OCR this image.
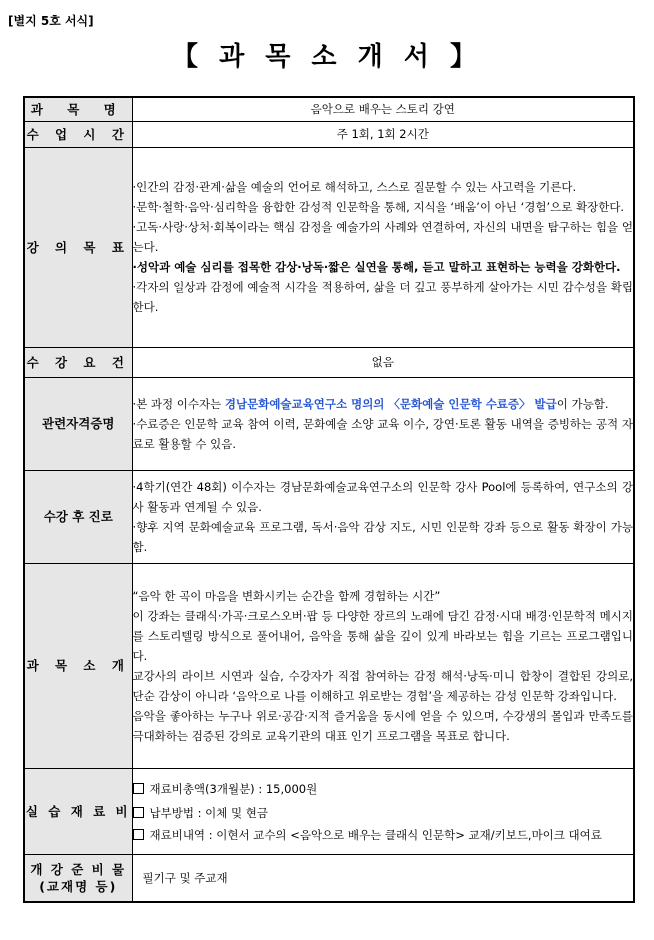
[별지 5호 서식]
【 과 목 소 개 서 】
과 목 명	음악으로 배우는 스토리 강연
수 업 시 간	주 1회, 1회 2시간
강 의 목 표	·인간의 감정·관계·삶을 예술의 언어로 해석하고, 스스로 질문할 수 있는 사고력을 기른다.

·문학·철학·음악·심리학을 융합한 감성적 인문학을 통해, 지식을 ‘배움’이 아닌 ‘경험’으로 확장한다.

·고독·사랑·상처·회복이라는 핵심 감정을 예술가의 사례와 연결하여, 자신의 내면을 탐구하는 힘을 얻는다.

·성악과 예술 심리를 접목한 감상·낭독·짧은 실연을 통해, 듣고 말하고 표현하는 능력을 강화한다.

·각자의 일상과 감정에 예술적 시각을 적용하여, 삶을 더 깊고 풍부하게 살아가는 시민 감수성을 확립한다.

수 강 요 건	없음
관련자격증명	·본 과정 이수자는 경남문화예술교육연구소 명의의 〈문화예술 인문학 수료증〉 발급이 가능함.

·수료증은 인문학 교육 참여 이력, 문화예술 소양 교육 이수, 강연·토론 활동 내역을 증빙하는 공적 자료로 활용할 수 있음.

수강 후 진로	·4학기(연간 48회) 이수자는 경남문화예술교육연구소의 인문학 강사 Pool에 등록하여, 연구소의 강사 활동과 연계될 수 있음.

·향후 지역 문화예술교육 프로그램, 독서·음악 감상 지도, 시민 인문학 강좌 등으로 활동 확장이 가능함.

과 목 소 개	“음악 한 곡이 마음을 변화시키는 순간을 함께 경험하는 시간”

이 강좌는 클래식·가곡·크로스오버·팝 등 다양한 장르의 노래에 담긴 감정·시대 배경·인문학적 메시지를 스토리텔링 방식으로 풀어내어, 음악을 통해 삶을 깊이 있게 바라보는 힘을 기르는 프로그램입니다.

교강사의 라이브 시연과 실습, 수강자가 직접 참여하는 감정 해석·낭독·미니 합창이 결합된 강의로, 단순 감상이 아니라 ‘음악으로 나를 이해하고 위로받는 경험’을 제공하는 감성 인문학 강좌입니다.

음악을 좋아하는 누구나 위로·공감·지적 즐거움을 동시에 얻을 수 있으며, 수강생의 몰입과 만족도를 극대화하는 검증된 강의로 교육기관의 대표 인기 프로그램을 목표로 합니다.

실 습 재 료 비	재료비총액(3개월분) : 15,000원

납부방법 : 이체 및 현금

재료비내역 : 이현서 교수의 <음악으로 배우는 클래식 인문학> 교재/키보드,마이크 대여료

개 강 준 비 물
(교재명 등)	필기구 및 주교재
